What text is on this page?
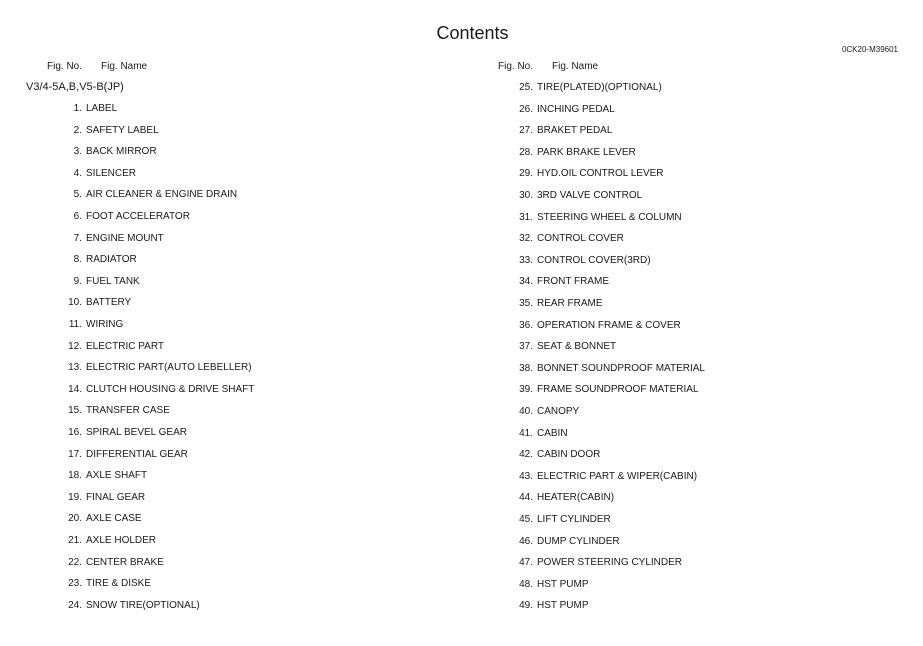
Contents
0CK20-M39601
Fig. No. Fig. Name	Fig. No. Fig. Name
V3/4-5A,B,V5-B(JP)
1. LABEL
2. SAFETY LABEL
3. BACK MIRROR
4. SILENCER
5. AIR CLEANER & ENGINE DRAIN
6. FOOT ACCELERATOR
7. ENGINE MOUNT
8. RADIATOR
9. FUEL TANK
10. BATTERY
11. WIRING
12. ELECTRIC PART
13. ELECTRIC PART(AUTO LEBELLER)
14. CLUTCH HOUSING & DRIVE SHAFT
15. TRANSFER CASE
16. SPIRAL BEVEL GEAR
17. DIFFERENTIAL GEAR
18. AXLE SHAFT
19. FINAL GEAR
20. AXLE CASE
21. AXLE HOLDER
22. CENTER BRAKE
23. TIRE & DISKE
24. SNOW TIRE(OPTIONAL)
25. TIRE(PLATED)(OPTIONAL)
26. INCHING PEDAL
27. BRAKET PEDAL
28. PARK BRAKE LEVER
29. HYD.OIL CONTROL LEVER
30. 3RD VALVE CONTROL
31. STEERING WHEEL & COLUMN
32. CONTROL COVER
33. CONTROL COVER(3RD)
34. FRONT FRAME
35. REAR FRAME
36. OPERATION FRAME & COVER
37. SEAT & BONNET
38. BONNET SOUNDPROOF MATERIAL
39. FRAME SOUNDPROOF MATERIAL
40. CANOPY
41. CABIN
42. CABIN DOOR
43. ELECTRIC PART & WIPER(CABIN)
44. HEATER(CABIN)
45. LIFT CYLINDER
46. DUMP CYLINDER
47. POWER STEERING CYLINDER
48. HST PUMP
49. HST PUMP
